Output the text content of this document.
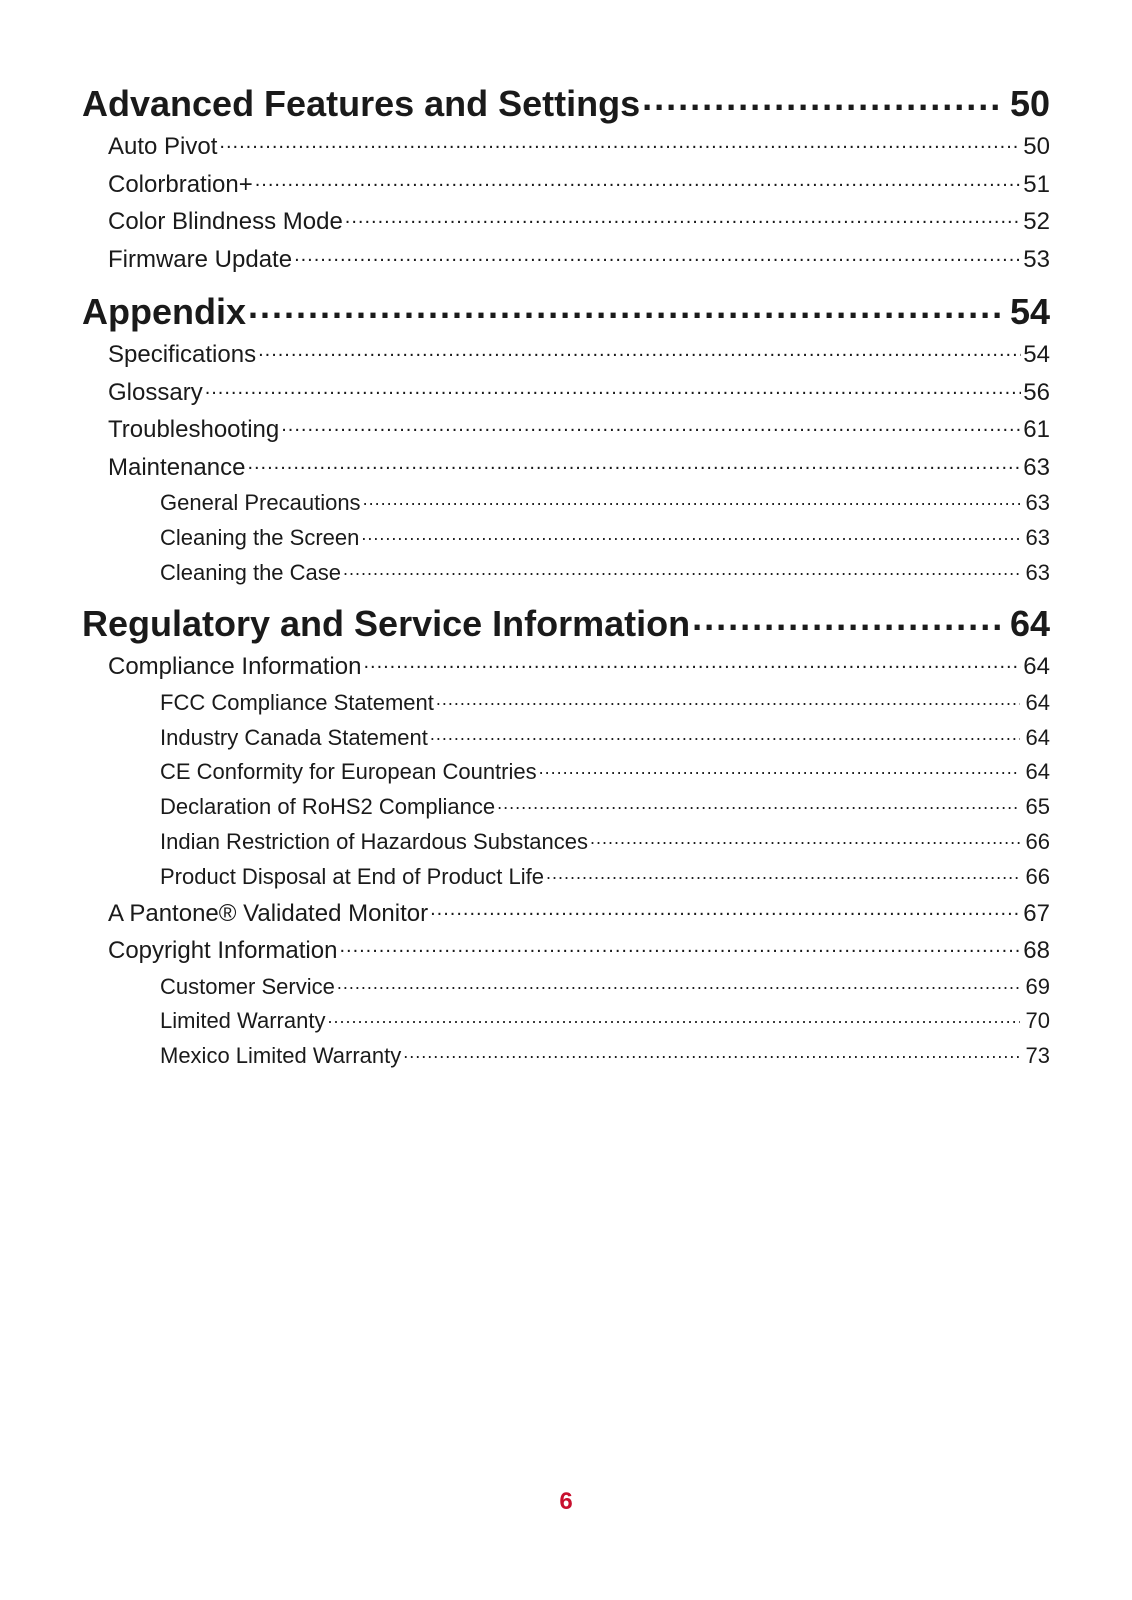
Advanced Features and Settings .....	50
Auto Pivot .....	50
Colorbration+ .....	51
Color Blindness Mode .....	52
Firmware Update .....	53
Appendix .....	54
Specifications .....	54
Glossary .....	56
Troubleshooting .....	61
Maintenance .....	63
General Precautions .....	63
Cleaning the Screen .....	63
Cleaning the Case .....	63
Regulatory and Service Information .....	64
Compliance Information .....	64
FCC Compliance Statement .....	64
Industry Canada Statement .....	64
CE Conformity for European Countries .....	64
Declaration of RoHS2 Compliance .....	65
Indian Restriction of Hazardous Substances .....	66
Product Disposal at End of Product Life .....	66
A Pantone® Validated Monitor .....	67
Copyright Information .....	68
Customer Service .....	69
Limited Warranty .....	70
Mexico Limited Warranty .....	73
6
